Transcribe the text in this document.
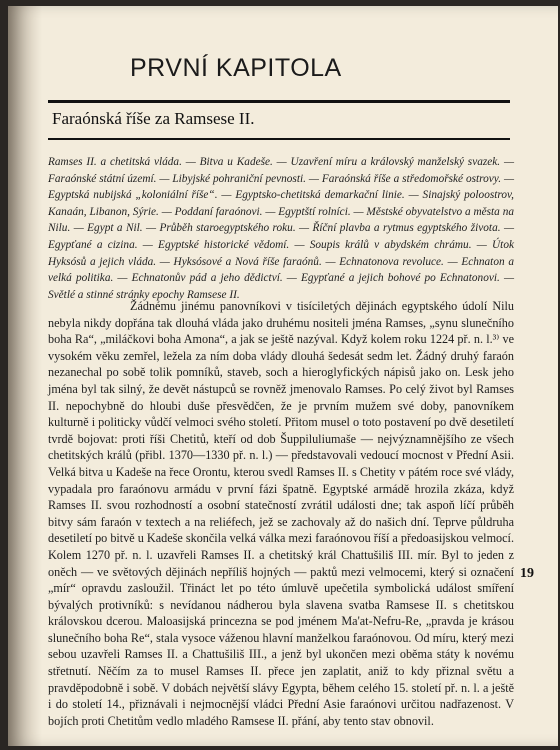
PRVNÍ KAPITOLA
Faraónská říše za Ramsese II.

Ramses II. a chetitská vláda. — Bitva u Kadeše. — Uzavření míru a královský manželský svazek. — Faraónské státní území. — Libyjské pohraniční pevnosti. — Faraónská říše a středomořské ostrovy. — Egyptská nubijská „koloniální říše“. — Egyptsko-chetitská demarkační linie. — Sinajský poloostrov, Kanaán, Libanon, Sýrie. — Poddaní faraónovi. — Egyptští rolníci. — Městské obyvatelstvo a města na Nilu. — Egypt a Nil. — Průběh staroegyptského roku. — Říční plavba a rytmus egyptského života. — Egypťané a cizina. — Egyptské historické vědomí. — Soupis králů v abydském chrámu. — Útok Hyksósů a jejich vláda. — Hyksósové a Nová říše faraónů. — Echnatonova revoluce. — Echnaton a velká politika. — Echnatonův pád a jeho dědictví. — Egypťané a jejich bohové po Echnatonovi. — Světlé a stinné stránky epochy Ramsese II.

Žádnému jinému panovníkovi v tisíciletých dějinách egyptského údolí Nilu nebyla nikdy dopřána tak dlouhá vláda jako druhému nositeli jména Ramses, „synu slunečního boha Ra“, „miláčkovi boha Amona“, a jak se ještě nazýval. Když kolem roku 1224 př. n. l.³⁾ ve vysokém věku zemřel, ležela za ním doba vlády dlouhá šedesát sedm let. Žádný druhý faraón nezanechal po sobě tolik pomníků, staveb, soch a hieroglyfických nápisů jako on. Lesk jeho jména byl tak silný, že devět nástupců se rovněž jmenovalo Ramses. Po celý život byl Ramses II. nepochybně do hloubi duše přesvědčen, že je prvním mužem své doby, panovníkem kulturně i politicky vůdčí velmoci svého století. Přitom musel o toto postavení po dvě desetiletí tvrdě bojovat: proti říši Chetitů, kteří od dob Šuppiluliumaše — nejvýznamnějšího ze všech chetitských králů (přibl. 1370—1330 př. n. l.) — představovali vedoucí mocnost v Přední Asii. Velká bitva u Kadeše na řece Orontu, kterou svedl Ramses II. s Chetity v pátém roce své vlády, vypadala pro faraónovu armádu v první fázi špatně. Egyptské armádě hrozila zkáza, když Ramses II. svou rozhodností a osobní statečností zvrátil události dne; tak aspoň líčí průběh bitvy sám faraón v textech a na reliéfech, jež se zachovaly až do našich dní. Teprve půldruha desetiletí po bitvě u Kadeše skončila velká válka mezi faraónovou říší a předoasijskou velmocí. Kolem 1270 př. n. l. uzavřeli Ramses II. a chetitský král Chattušiliš III. mír. Byl to jeden z oněch — ve světových dějinách nepříliš hojných — paktů mezi velmocemi, který si označení „mír“ opravdu zasloužil. Třináct let po této úmluvě upečetila symbolická událost smíření bývalých protivníků: s nevídanou nádherou byla slavena svatba Ramsese II. s chetitskou královskou dcerou. Maloasijská princezna se pod jménem Ma'at-Nefru-Re, „pravda je krásou slunečního boha Re“, stala vysoce váženou hlavní manželkou faraónovou. Od míru, který mezi sebou uzavřeli Ramses II. a Chattušiliš III., a jenž byl ukončen mezi oběma státy k novému střetnutí. Něčím za to musel Ramses II. přece jen zaplatit, aniž to kdy přiznal světu a pravděpodobně i sobě. V dobách největší slávy Egypta, během celého 15. století př. n. l. a ještě i do století 14., přiznávali i nejmocnější vládci Přední Asie faraónovi určitou nadřazenost. V bojích proti Chetitům vedlo mladého Ramsese II. přání, aby tento stav obnovil.

19
